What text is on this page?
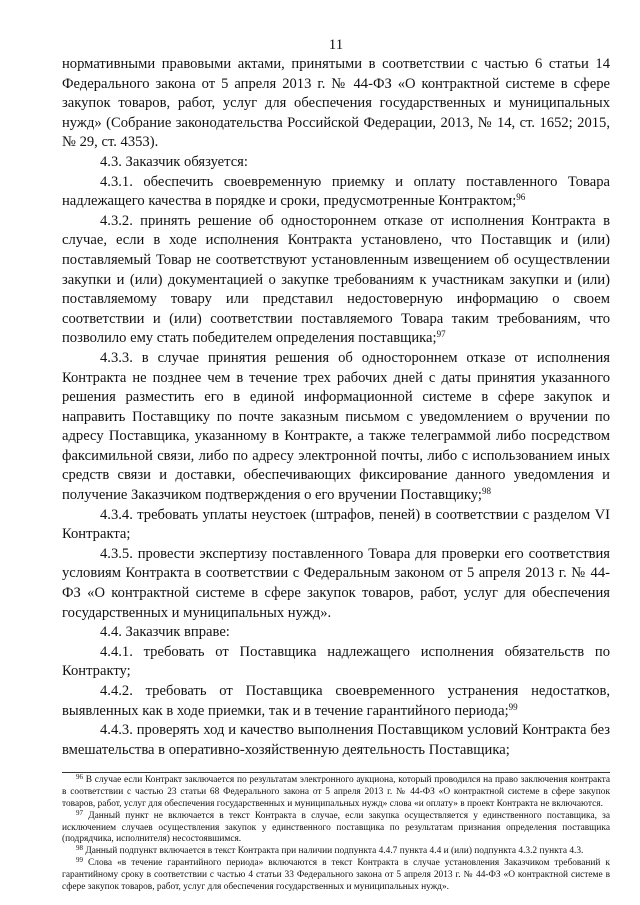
11

нормативными правовыми актами, принятыми в соответствии с частью 6 статьи 14 Федерального закона от 5 апреля 2013 г. № 44-ФЗ «О контрактной системе в сфере закупок товаров, работ, услуг для обеспечения государственных и муниципальных нужд» (Собрание законодательства Российской Федерации, 2013, № 14, ст. 1652; 2015, № 29, ст. 4353).

4.3. Заказчик обязуется:

4.3.1. обеспечить своевременную приемку и оплату поставленного Товара надлежащего качества в порядке и сроки, предусмотренные Контрактом;$^{96}$

4.3.2. принять решение об одностороннем отказе от исполнения Контракта в случае, если в ходе исполнения Контракта установлено, что Поставщик и (или) поставляемый Товар не соответствуют установленным извещением об осуществлении закупки и (или) документацией о закупке требованиям к участникам закупки и (или) поставляемому товару или представил недостоверную информацию о своем соответствии и (или) соответствии поставляемого Товара таким требованиям, что позволило ему стать победителем определения поставщика;$^{97}$

4.3.3. в случае принятия решения об одностороннем отказе от исполнения Контракта не позднее чем в течение трех рабочих дней с даты принятия указанного решения разместить его в единой информационной системе в сфере закупок и направить Поставщику по почте заказным письмом с уведомлением о вручении по адресу Поставщика, указанному в Контракте, а также телеграммой либо посредством факсимильной связи, либо по адресу электронной почты, либо с использованием иных средств связи и доставки, обеспечивающих фиксирование данного уведомления и получение Заказчиком подтверждения о его вручении Поставщику;$^{98}$

4.3.4. требовать уплаты неустоек (штрафов, пеней) в соответствии с разделом VI Контракта;

4.3.5. провести экспертизу поставленного Товара для проверки его соответствия условиям Контракта в соответствии с Федеральным законом от 5 апреля 2013 г. № 44-ФЗ «О контрактной системе в сфере закупок товаров, работ, услуг для обеспечения государственных и муниципальных нужд».

4.4. Заказчик вправе:

4.4.1. требовать от Поставщика надлежащего исполнения обязательств по Контракту;

4.4.2. требовать от Поставщика своевременного устранения недостатков, выявленных как в ходе приемки, так и в течение гарантийного периода;$^{99}$

4.4.3. проверять ход и качество выполнения Поставщиком условий Контракта без вмешательства в оперативно-хозяйственную деятельность Поставщика;

$^{96}$ В случае если Контракт заключается по результатам электронного аукциона, который проводился на право заключения контракта в соответствии с частью 23 статьи 68 Федерального закона от 5 апреля 2013 г. № 44-ФЗ «О контрактной системе в сфере закупок товаров, работ, услуг для обеспечения государственных и муниципальных нужд» слова «и оплату» в проект Контракта не включаются.

$^{97}$ Данный пункт не включается в текст Контракта в случае, если закупка осуществляется у единственного поставщика, за исключением случаев осуществления закупок у единственного поставщика по результатам признания определения поставщика (подрядчика, исполнителя) несостоявшимся.

$^{98}$ Данный подпункт включается в текст Контракта при наличии подпункта 4.4.7 пункта 4.4 и (или) подпункта 4.3.2 пункта 4.3.

$^{99}$ Слова «в течение гарантийного периода» включаются в текст Контракта в случае установления Заказчиком требований к гарантийному сроку в соответствии с частью 4 статьи 33 Федерального закона от 5 апреля 2013 г. № 44-ФЗ «О контрактной системе в сфере закупок товаров, работ, услуг для обеспечения государственных и муниципальных нужд».
